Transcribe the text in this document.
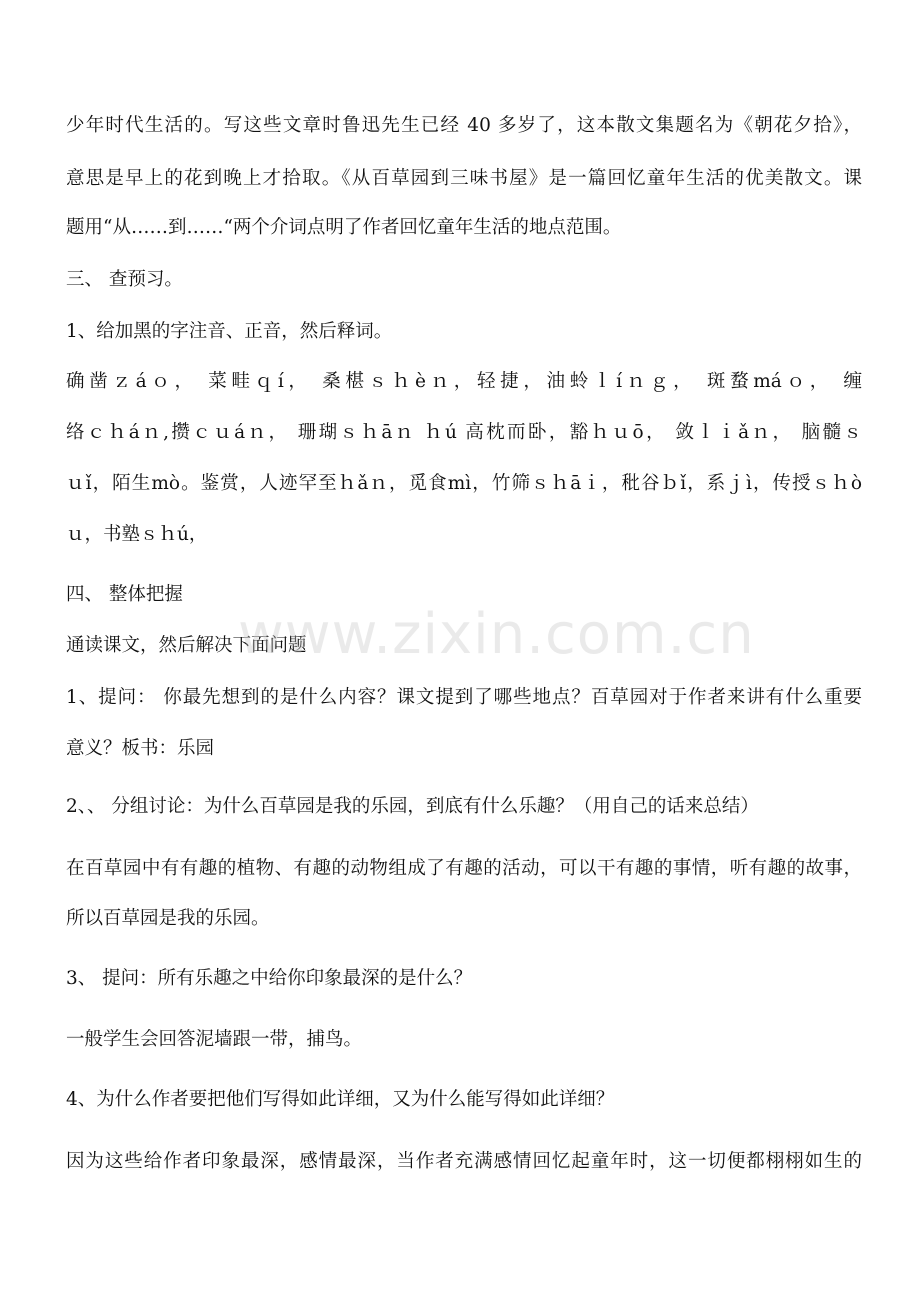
少年时代生活的。写这些文章时鲁迅先生已经 40 多岁了，这本散文集题名为《朝花夕拾》，
意思是早上的花到晚上才拾取。《从百草园到三味书屋》是一篇回忆童年生活的优美散文。课
题用“从……到……“两个介词点明了作者回忆童年生活的地点范围。
三、 查预习。
1、给加黑的字注音、正音，然后释词。
确凿ｚáｏ， 菜畦ｑí， 桑椹ｓｈèｎ，轻捷，油蛉ｌíｎｇ， 斑蝥máｏ， 缠
络ｃｈáｎ,攒ｃｕáｎ， 珊瑚ｓｈāｎ ｈú 高枕而卧，豁ｈｕō， 敛ｌｉǎｎ， 脑髓ｓ
ｕǐ，陌生mò。鉴赏，人迹罕至ｈǎｎ，觅食mì，竹筛ｓｈāｉ，秕谷ｂǐ，系ｊì，传授ｓｈò
ｕ，书塾ｓｈú，
四、 整体把握
通读课文，然后解决下面问题
1、提问： 你最先想到的是什么内容？课文提到了哪些地点？百草园对于作者来讲有什么重要
意义？板书：乐园
2、、 分组讨论：为什么百草园是我的乐园，到底有什么乐趣？（用自己的话来总结）
在百草园中有有趣的植物、有趣的动物组成了有趣的活动，可以干有趣的事情，听有趣的故事，
所以百草园是我的乐园。
3、 提问：所有乐趣之中给你印象最深的是什么？
一般学生会回答泥墙跟一带，捕鸟。
4、为什么作者要把他们写得如此详细，又为什么能写得如此详细？
因为这些给作者印象最深，感情最深，当作者充满感情回忆起童年时，这一切便都栩栩如生的
www.zixin.com.cn
